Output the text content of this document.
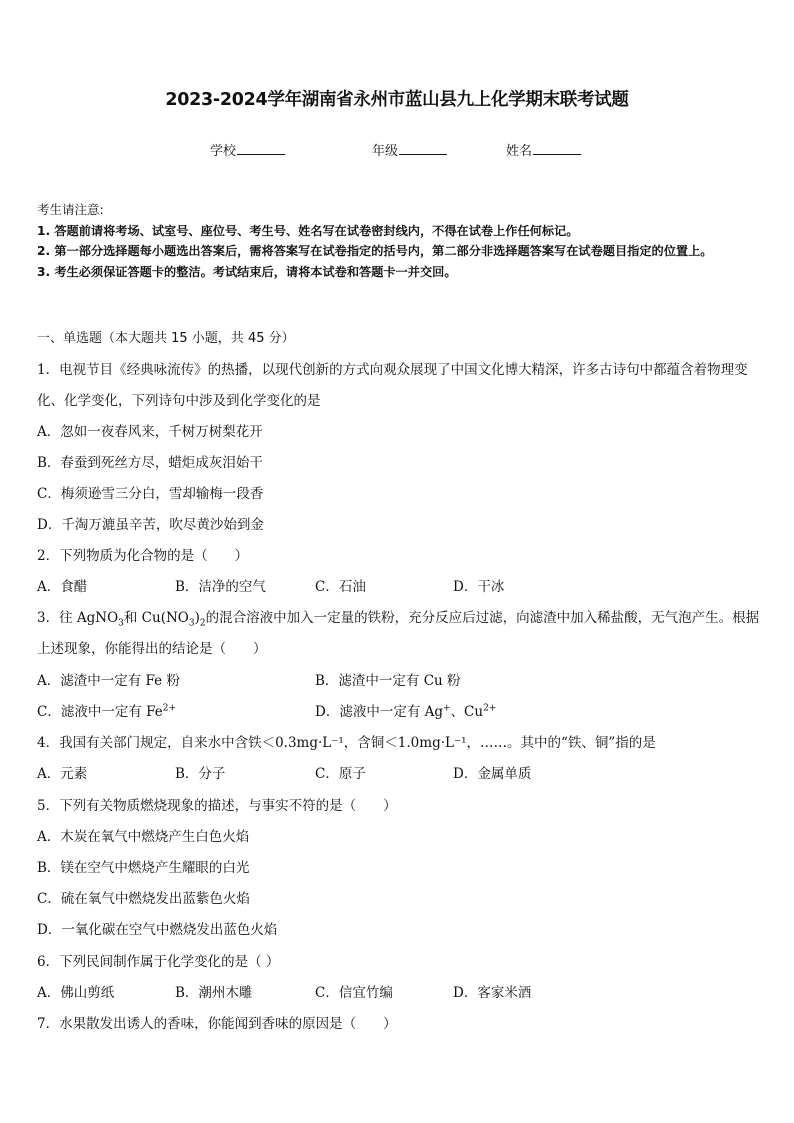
2023-2024学年湖南省永州市蓝山县九上化学期末联考试题
学校	年级	姓名
考生请注意:
1. 答题前请将考场、试室号、座位号、考生号、姓名写在试卷密封线内，不得在试卷上作任何标记。
2. 第一部分选择题每小题选出答案后，需将答案写在试卷指定的括号内，第二部分非选择题答案写在试卷题目指定的位置上。
3. 考生必须保证答题卡的整洁。考试结束后，请将本试卷和答题卡一并交回。
一、单选题（本大题共 15 小题，共 45 分）
1．电视节目《经典咏流传》的热播，以现代创新的方式向观众展现了中国文化博大精深，许多古诗句中都蕴含着物理变化、化学变化，下列诗句中涉及到化学变化的是
A．忽如一夜春风来，千树万树梨花开
B．春蚕到死丝方尽，蜡炬成灰泪始干
C．梅须逊雪三分白，雪却输梅一段香
D．千淘万漉虽辛苦，吹尽黄沙始到金
2．下列物质为化合物的是（　　）
A．食醋	B．洁净的空气	C．石油	D．干冰
3．往 AgNO$_3$和 $Cu(NO_3)_2$的混合溶液中加入一定量的铁粉，充分反应后过滤，向滤渣中加入稀盐酸，无气泡产生。根据上述现象，你能得出的结论是（　　）
A．滤渣中一定有 Fe 粉	B．滤渣中一定有 Cu 粉
C．滤液中一定有 $Fe^{2+}$	D．滤液中一定有 Ag+、$Cu^{2+}$
4．我国有关部门规定，自来水中含铁＜0.3mg·L⁻¹，含铜＜1.0mg·L⁻¹，……。其中的“铁、铜”指的是
A．元素	B．分子	C．原子	D．金属单质
5．下列有关物质燃烧现象的描述，与事实不符的是（　　）
A．木炭在氧气中燃烧产生白色火焰
B．镁在空气中燃烧产生耀眼的白光
C．硫在氧气中燃烧发出蓝紫色火焰
D．一氧化碳在空气中燃烧发出蓝色火焰
6．下列民间制作属于化学变化的是（ ）
A．佛山剪纸	B．潮州木雕	C．信宜竹编	D．客家米酒
7．水果散发出诱人的香味，你能闻到香味的原因是（　　）
